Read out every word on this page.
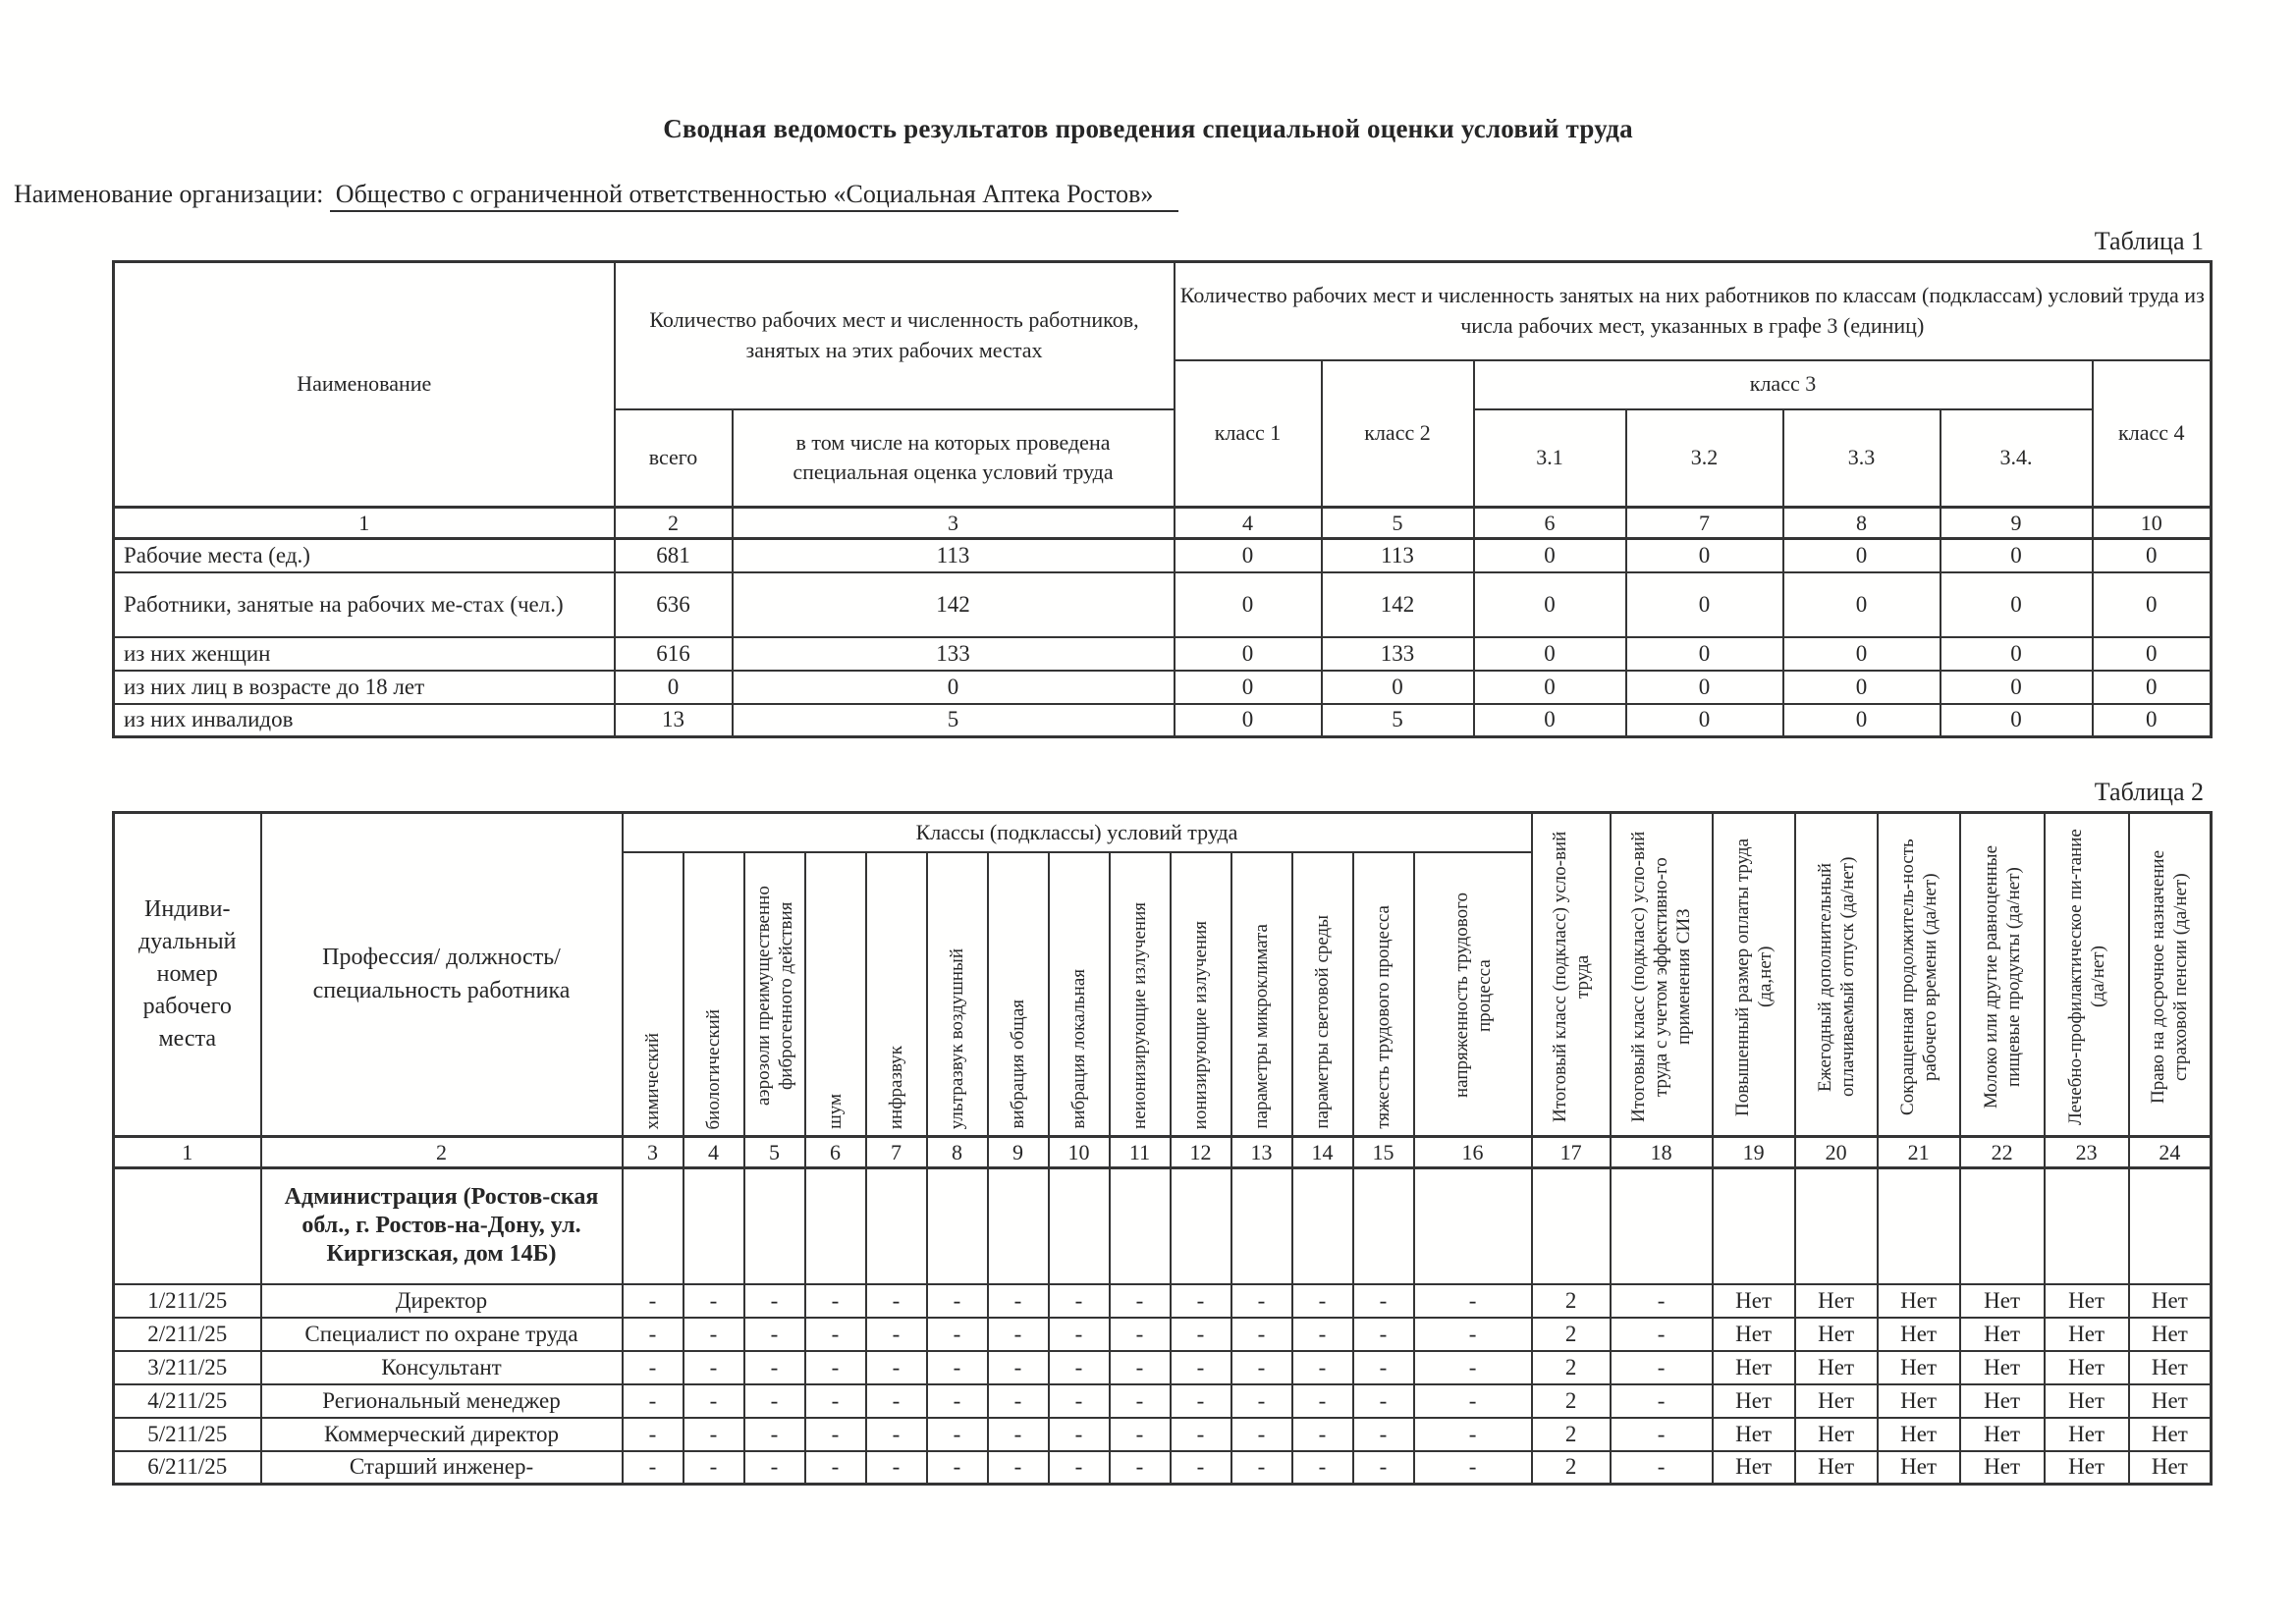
Сводная ведомость результатов проведения специальной оценки условий труда
Наименование организации: Общество с ограниченной ответственностью «Социальная Аптека Ростов»
Таблица 1
Наименование	Количество рабочих мест и численность работников, занятых на этих рабочих местах		Количество рабочих мест и численность занятых на них работников по классам (подклассам) условий труда из числа рабочих мест, указанных в графе 3 (единиц)						
			класс 1	класс 2	класс 3				класс 4
	всего	в том числе на которых проведена специальная оценка условий труда			3.1	3.2	3.3	3.4.	
1	2	3	4	5	6	7	8	9	10
Рабочие места (ед.)	681	113	0	113	0	0	0	0	0
Работники, занятые на рабочих ме-стах (чел.)	636	142	0	142	0	0	0	0	0
из них женщин	616	133	0	133	0	0	0	0	0
из них лиц в возрасте до 18 лет	0	0	0	0	0	0	0	0	0
из них инвалидов	13	5	0	5	0	0	0	0	0
Таблица 2
Индиви-дуальный номер рабочего места	Профессия/ должность/ специальность работника	Классы (подклассы) условий труда														Итоговый класс (подкласс) усло-вий труда	Итоговый класс (подкласс) усло-вий труда с учетом эффективно-го применения СИЗ	Повышенный размер оплаты труда (да,нет)	Ежегодный дополнительный оплачиваемый отпуск (да/нет)	Сокращенная продолжитель-ность рабочего времени (да/нет)	Молоко или другие равноценные пищевые продукты (да/нет)	Лечебно-профилактическое пи-тание (да/нет)	Право на досрочное назначение страховой пенсии (да/нет)

		химический	биологический	аэрозоли преимущественно фиброгенного действия	шум	инфразвук	ультразвук воздушный	вибрация общая	вибрация локальная	неионизирующие излучения	ионизирующие излучения	параметры микроклимата	параметры световой среды	тяжесть трудового процесса	напряженность трудового процесса								

1	2	3	4	5	6	7	8	9	10	11	12	13	14	15	16	17	18	19	20	21	22	23	24
	Администрация (Ростов-ская обл., г. Ростов-на-Дону, ул. Киргизская, дом 14Б)																						
1/211/25	Директор	-	-	-	-	-	-	-	-	-	-	-	-	-	-	2	-	Нет	Нет	Нет	Нет	Нет	Нет
2/211/25	Специалист по охране труда	-	-	-	-	-	-	-	-	-	-	-	-	-	-	2	-	Нет	Нет	Нет	Нет	Нет	Нет
3/211/25	Консультант	-	-	-	-	-	-	-	-	-	-	-	-	-	-	2	-	Нет	Нет	Нет	Нет	Нет	Нет
4/211/25	Региональный менеджер	-	-	-	-	-	-	-	-	-	-	-	-	-	-	2	-	Нет	Нет	Нет	Нет	Нет	Нет
5/211/25	Коммерческий директор	-	-	-	-	-	-	-	-	-	-	-	-	-	-	2	-	Нет	Нет	Нет	Нет	Нет	Нет
6/211/25	Старший инженер-	-	-	-	-	-	-	-	-	-	-	-	-	-	-	2	-	Нет	Нет	Нет	Нет	Нет	Нет
